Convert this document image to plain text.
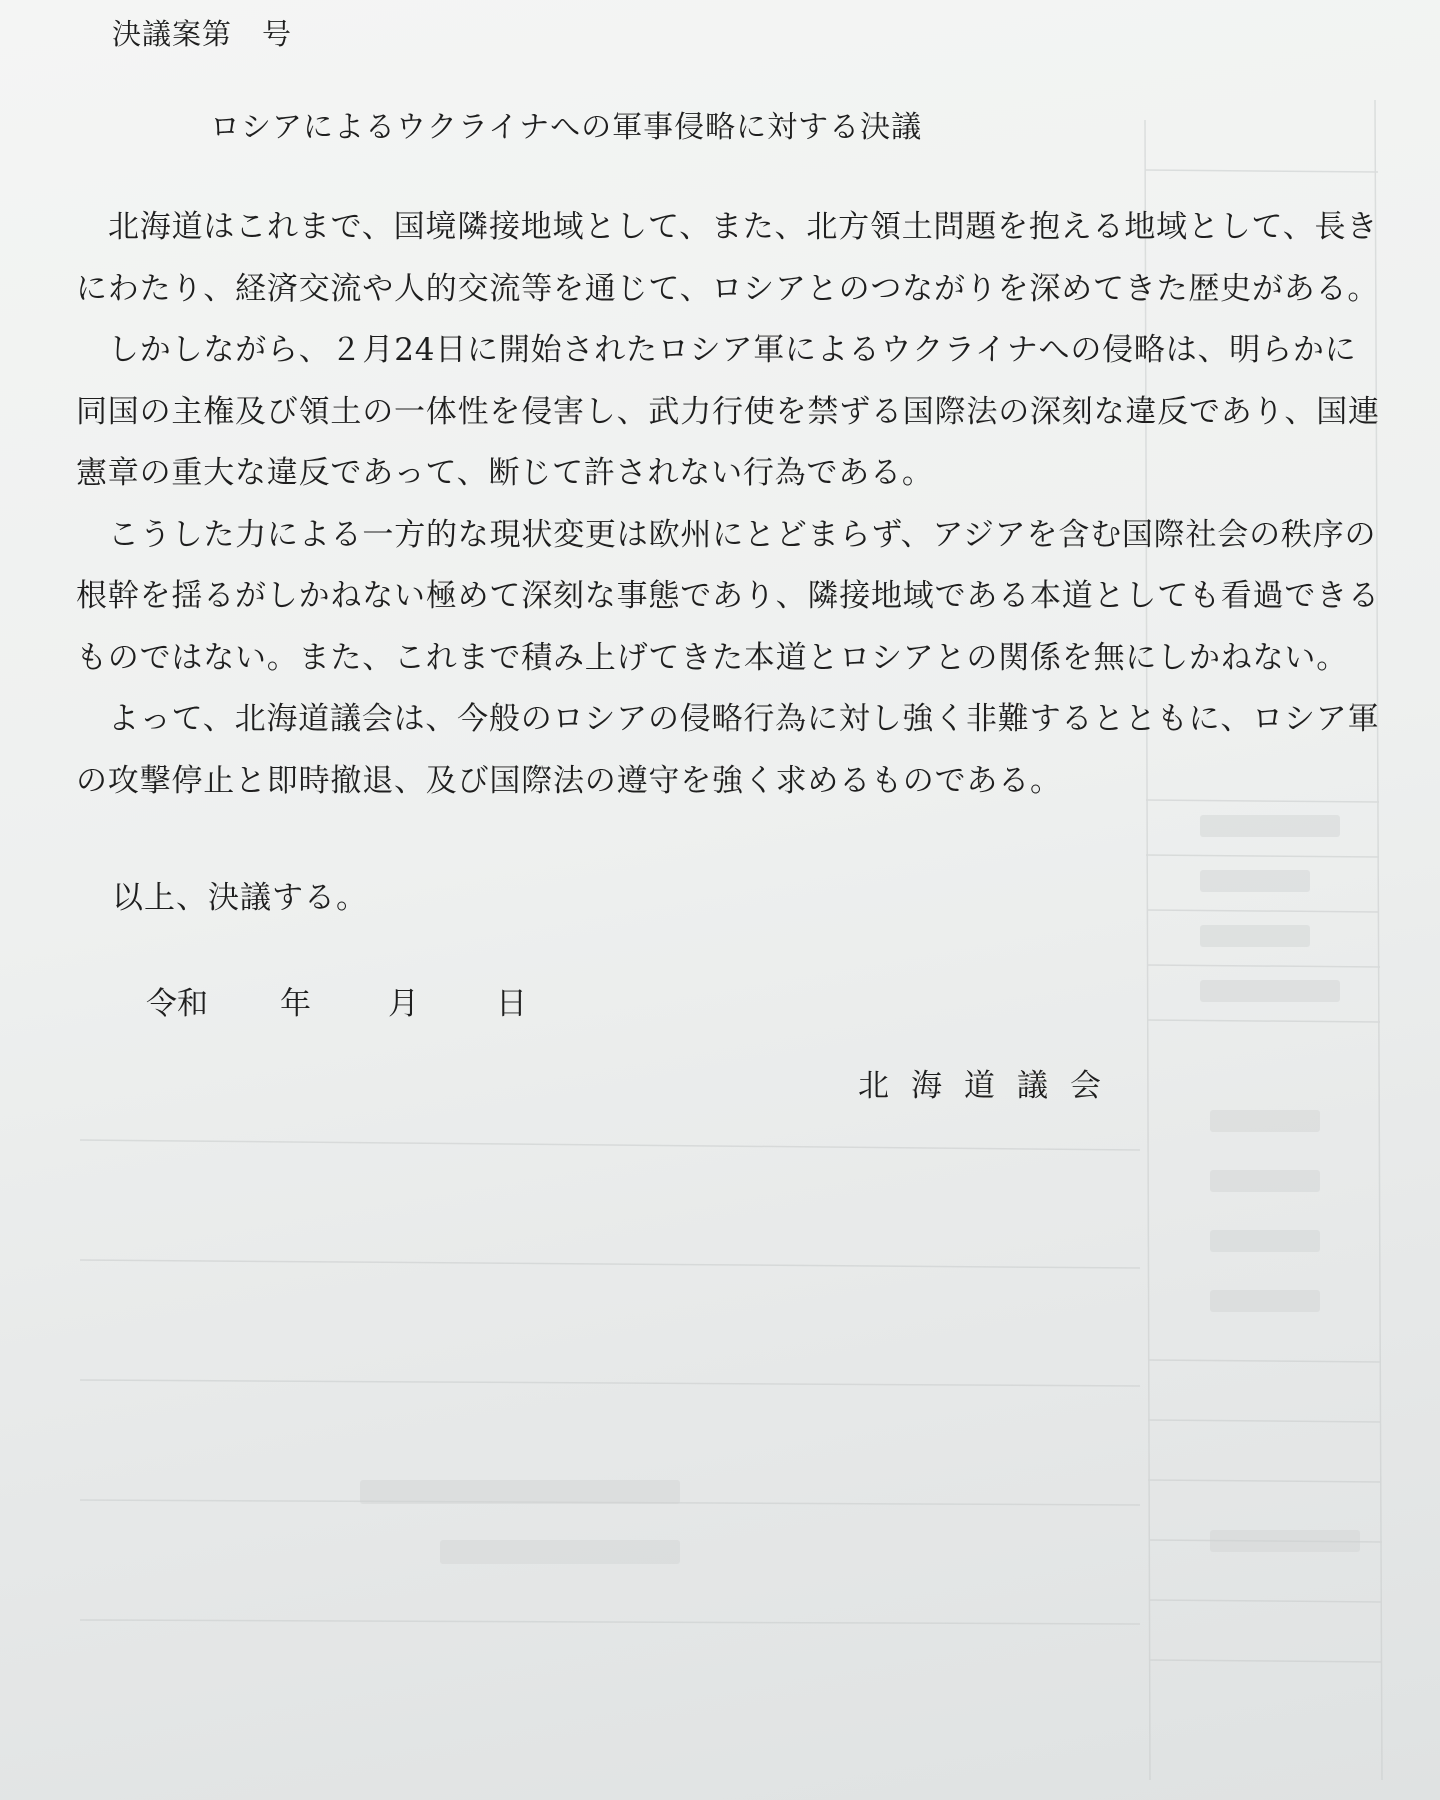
決議案第　号
ロシアによるウクライナへの軍事侵略に対する決議

北海道はこれまで、国境隣接地域として、また、北方領土問題を抱える地域として、長きにわたり、経済交流や人的交流等を通じて、ロシアとのつながりを深めてきた歴史がある。

しかしながら、２月24日に開始されたロシア軍によるウクライナへの侵略は、明らかに同国の主権及び領土の一体性を侵害し、武力行使を禁ずる国際法の深刻な違反であり、国連憲章の重大な違反であって、断じて許されない行為である。

こうした力による一方的な現状変更は欧州にとどまらず、アジアを含む国際社会の秩序の根幹を揺るがしかねない極めて深刻な事態であり、隣接地域である本道としても看過できるものではない。また、これまで積み上げてきた本道とロシアとの関係を無にしかねない。

よって、北海道議会は、今般のロシアの侵略行為に対し強く非難するとともに、ロシア軍の攻撃停止と即時撤退、及び国際法の遵守を強く求めるものである。

以上、決議する。
令和	年	月 日
北海道議会
